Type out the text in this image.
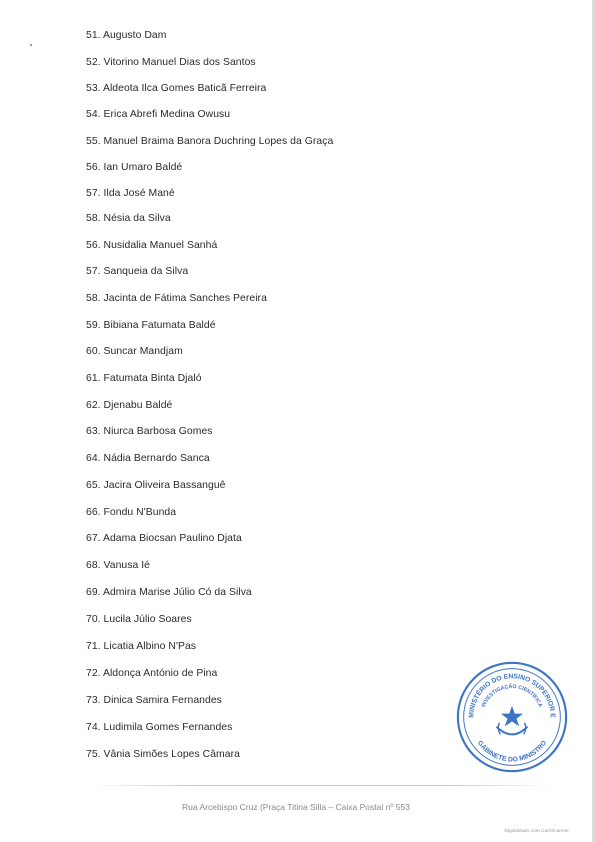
51. Augusto Dam
52. Vitorino Manuel Dias dos Santos
53. Aldeota Ilca Gomes Baticã Ferreira
54. Erica Abrefi Medina Owusu
55. Manuel Braima Banora Duchring Lopes da Graça
56. Ian Umaro Baldé
57. Ilda José Mané
58. Nésia da Silva
56. Nusidalia Manuel Sanhá
57. Sanqueia da Silva
58. Jacinta de Fátima Sanches Pereira
59. Bibiana Fatumata Baldé
60. Suncar Mandjam
61. Fatumata Binta Djaló
62. Djenabu Baldé
63. Niurca Barbosa Gomes
64. Nádia Bernardo Sanca
65. Jacira Oliveira Bassanguê
66. Fondu N'Bunda
67. Adama Biocsan Paulino Djata
68. Vanusa Ié
69. Admira Marise Júlio Có da Silva
70. Lucila Júlio Soares
71. Licatia Albino N'Pas
72. Aldonça António de Pina
73. Dinica Samira Fernandes
74. Ludimila Gomes Fernandes
75. Vânia Simões Lopes Câmara
Rua Arcebispo Cruz (Praça Titina Silla – Caixa Postal nº 553
Digitalizado com CamScanner
MINISTÉRIO DO ENSINO SUPERIOR E
INVESTIGAÇÃO CIENTÍFICA
GABINETE DO MINISTRO
